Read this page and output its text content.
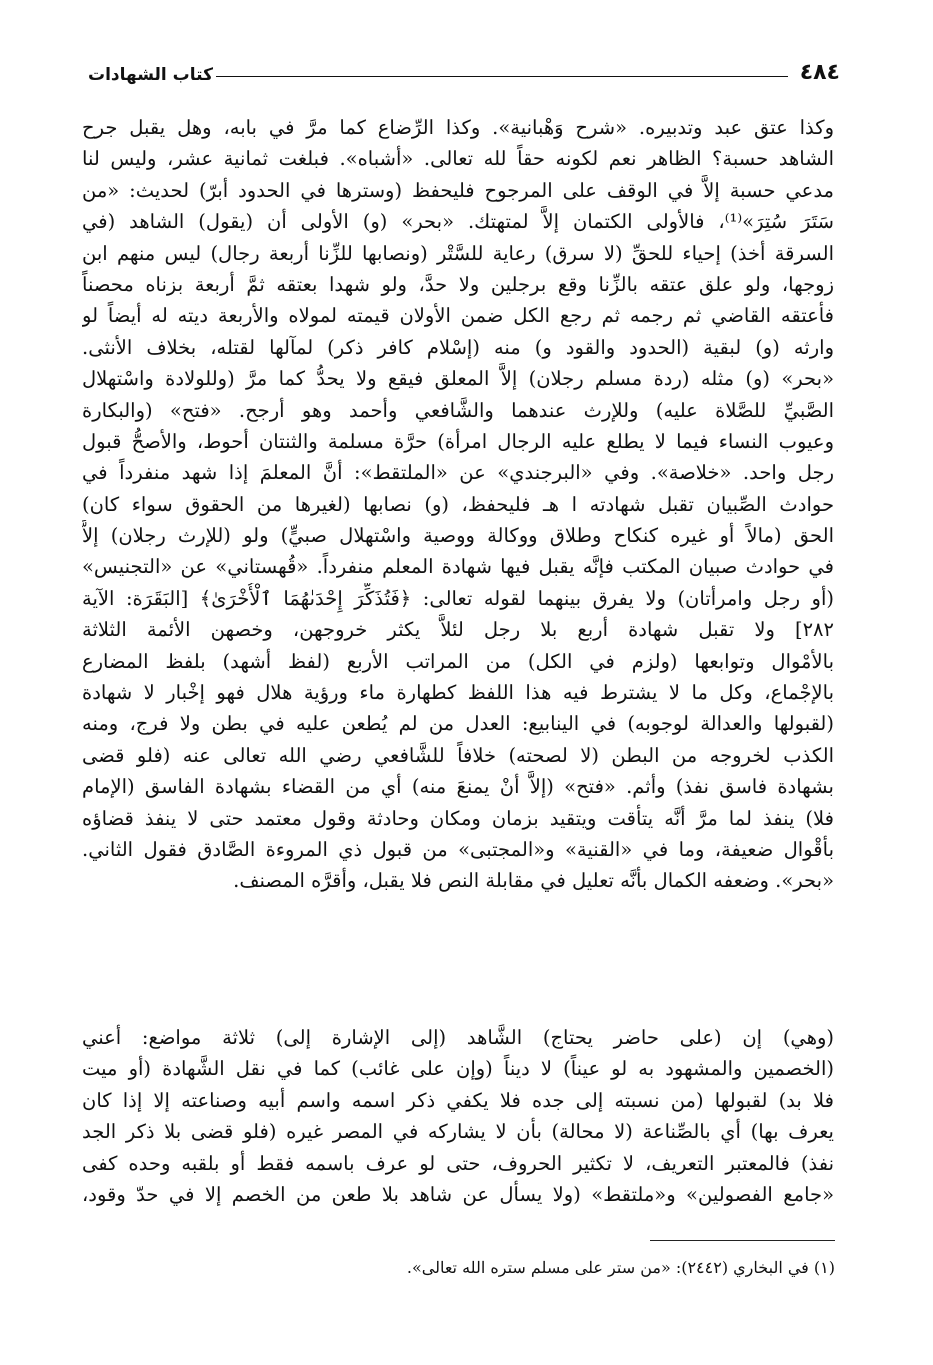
٤٨٤
كتاب الشهادات
وكذا عتق عبد وتدبيره. «شرح وَهْبانية». وكذا الرِّضاع كما مرَّ في بابه، وهل يقبل جرح
الشاهد حسبة؟ الظاهر نعم لكونه حقاً لله تعالى. «أشباه». فبلغت ثمانية عشر، وليس لنا
مدعي حسبة إلاَّ في الوقف على المرجوح فليحفظ (وسترها في الحدود أبرّ) لحديث: «من
سَتَرَ سُتِرَ»⁽¹⁾، فالأولى الكتمان إلاَّ لمتهتك. «بحر» (و) الأولى أن (يقول) الشاهد (في
السرقة أخذ) إحياء للحقِّ (لا سرق) رعاية للسَّتْر (ونصابها للزِّنا أربعة رجال) ليس منهم ابن
زوجها، ولو علق عتقه بالزِّنا وقع برجلين ولا حدَّ، ولو شهدا بعتقه ثمَّ أربعة بزناه محصناً
فأعتقه القاضي ثم رجمه ثم رجع الكل ضمن الأولان قيمته لمولاه والأربعة ديته له أيضاً لو
وارثه (و) لبقية (الحدود والقود و) منه (إسْلام كافر ذكر) لمآلها لقتله، بخلاف الأنثى.
«بحر» (و) مثله (ردة مسلم رجلان) إلاَّ المعلق فيقع ولا يحدُّ كما مرَّ (وللولادة واسْتهلال
الصَّبيِّ للصَّلاة عليه) وللإرث عندهما والشَّافعي وأحمد وهو أرجح. «فتح» (والبكارة
وعيوب النساء فيما لا يطلع عليه الرجال امرأة) حرَّة مسلمة والثنتان أحوط، والأصحُّ قبول
رجل واحد. «خلاصة». وفي «البرجندي» عن «الملتقط»: أنَّ المعلمَ إذا شهد منفرداً في
حوادث الصِّبيان تقبل شهادته ا هـ فليحفظ، (و) نصابها (لغيرها من الحقوق سواء كان)
الحق (مالاً أو غيره كنكاح وطلاق ووكالة ووصية واسْتهلال صبيٍّ) ولو (للإرث رجلان) إلاَّ
في حوادث صبيان المكتب فإنَّه يقبل فيها شهادة المعلم منفرداً. «قُهستاني» عن «التجنيس»
(أو رجل وامرأتان) ولا يفرق بينهما لقوله تعالى: ﴿فَتُذَكِّرَ إِحْدَىٰهُمَا ٱلْأُخْرَىٰ﴾ [البَقَرَة: الآية
٢٨٢] ولا تقبل شهادة أربع بلا رجل لئلاَّ يكثر خروجهن، وخصهن الأئمة الثلاثة
بالأمْوال وتوابعها (ولزم في الكل) من المراتب الأربع (لفظ أشهد) بلفظ المضارع
بالإجْماع، وكل ما لا يشترط فيه هذا اللفظ كطهارة ماء ورؤية هلال فهو إخْبار لا شهادة
(لقبولها والعدالة لوجوبه) في الينابيع: العدل من لم يُطعن عليه في بطن ولا فرج، ومنه
الكذب لخروجه من البطن (لا لصحته) خلافاً للشَّافعي رضي الله تعالى عنه (فلو قضى
بشهادة فاسق نفذ) وأثم. «فتح» (إلاَّ أنْ يمنعَ منه) أي من القضاء بشهادة الفاسق (الإمام
فلا) ينفذ لما مرَّ أنَّه يتأقت ويتقيد بزمان ومكان وحادثة وقول معتمد حتى لا ينفذ قضاؤه
بأقْوال ضعيفة، وما في «القنية» و«المجتبى» من قبول ذي المروءة الصَّادق فقول الثاني.
«بحر». وضعفه الكمال بأنَّه تعليل في مقابلة النص فلا يقبل، وأقرَّه المصنف.
(وهي) إن (على حاضر يحتاج) الشَّاهد (إلى الإشارة إلى) ثلاثة مواضع: أعني
(الخصمين والمشهود به لو عيناً) لا ديناً (وإن على غائب) كما في نقل الشَّهادة (أو ميت
فلا بد) لقبولها (من نسبته إلى جده فلا يكفي ذكر اسمه واسم أبيه وصناعته إلا إذا كان
يعرف بها) أي بالصِّناعة (لا محالة) بأن لا يشاركه في المصر غيره (فلو قضى بلا ذكر الجد
نفذ) فالمعتبر التعريف، لا تكثير الحروف، حتى لو عرف باسمه فقط أو بلقبه وحده كفى
«جامع الفصولين» و«ملتقط» (ولا يسأل عن شاهد بلا طعن من الخصم إلا في حدّ وقود،
(١) في البخاري (٢٤٤٢): «من ستر على مسلم ستره الله تعالى».
